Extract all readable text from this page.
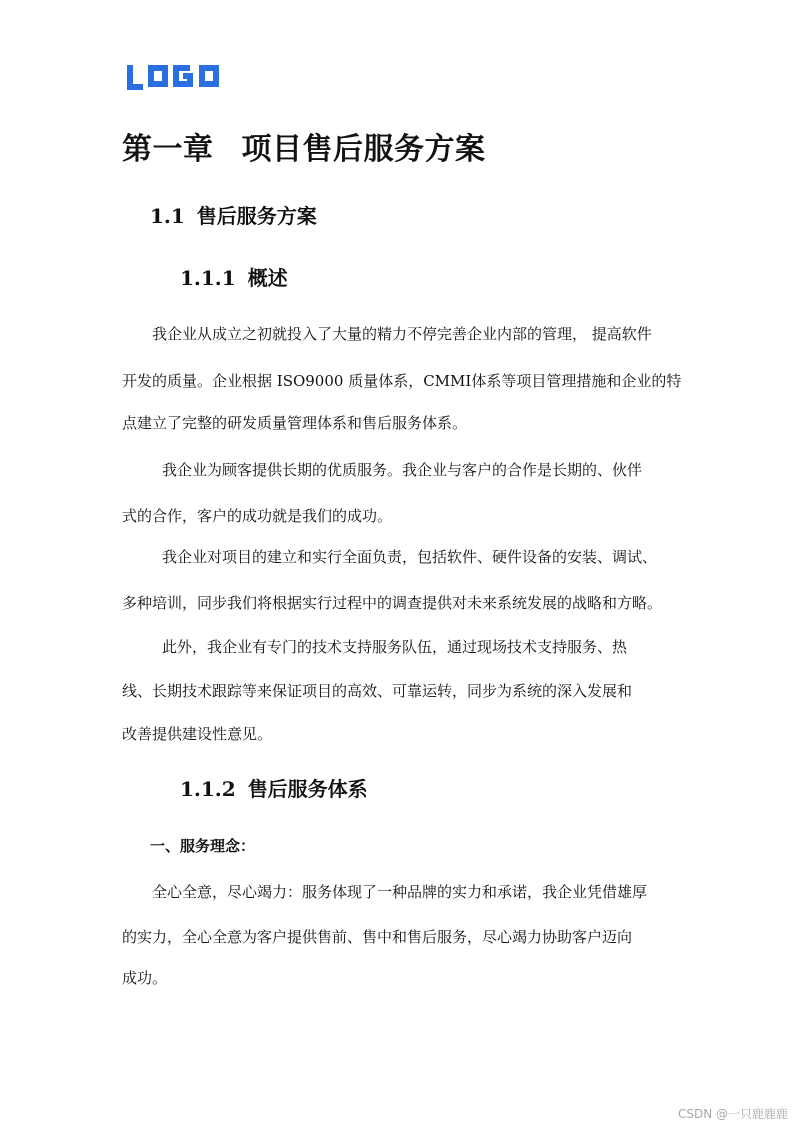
第一章 项目售后服务方案
1.1 售后服务方案
1.1.1 概述
我企业从成立之初就投入了大量的精力不停完善企业内部的管理， 提高软件
开发的质量。企业根据 ISO9000 质量体系，CMMI体系等项目管理措施和企业的特
点建立了完整的研发质量管理体系和售后服务体系。
我企业为顾客提供长期的优质服务。我企业与客户的合作是长期的、伙伴
式的合作，客户的成功就是我们的成功。
我企业对项目的建立和实行全面负责，包括软件、硬件设备的安装、调试、
多种培训，同步我们将根据实行过程中的调查提供对未来系统发展的战略和方略。
此外，我企业有专门的技术支持服务队伍，通过现场技术支持服务、热
线、长期技术跟踪等来保证项目的高效、可靠运转，同步为系统的深入发展和
改善提供建设性意见。
1.1.2 售后服务体系
一、服务理念：
全心全意，尽心竭力：服务体现了一种品牌的实力和承诺，我企业凭借雄厚
的实力，全心全意为客户提供售前、售中和售后服务，尽心竭力协助客户迈向
成功。
CSDN @一只鹿鹿鹿
